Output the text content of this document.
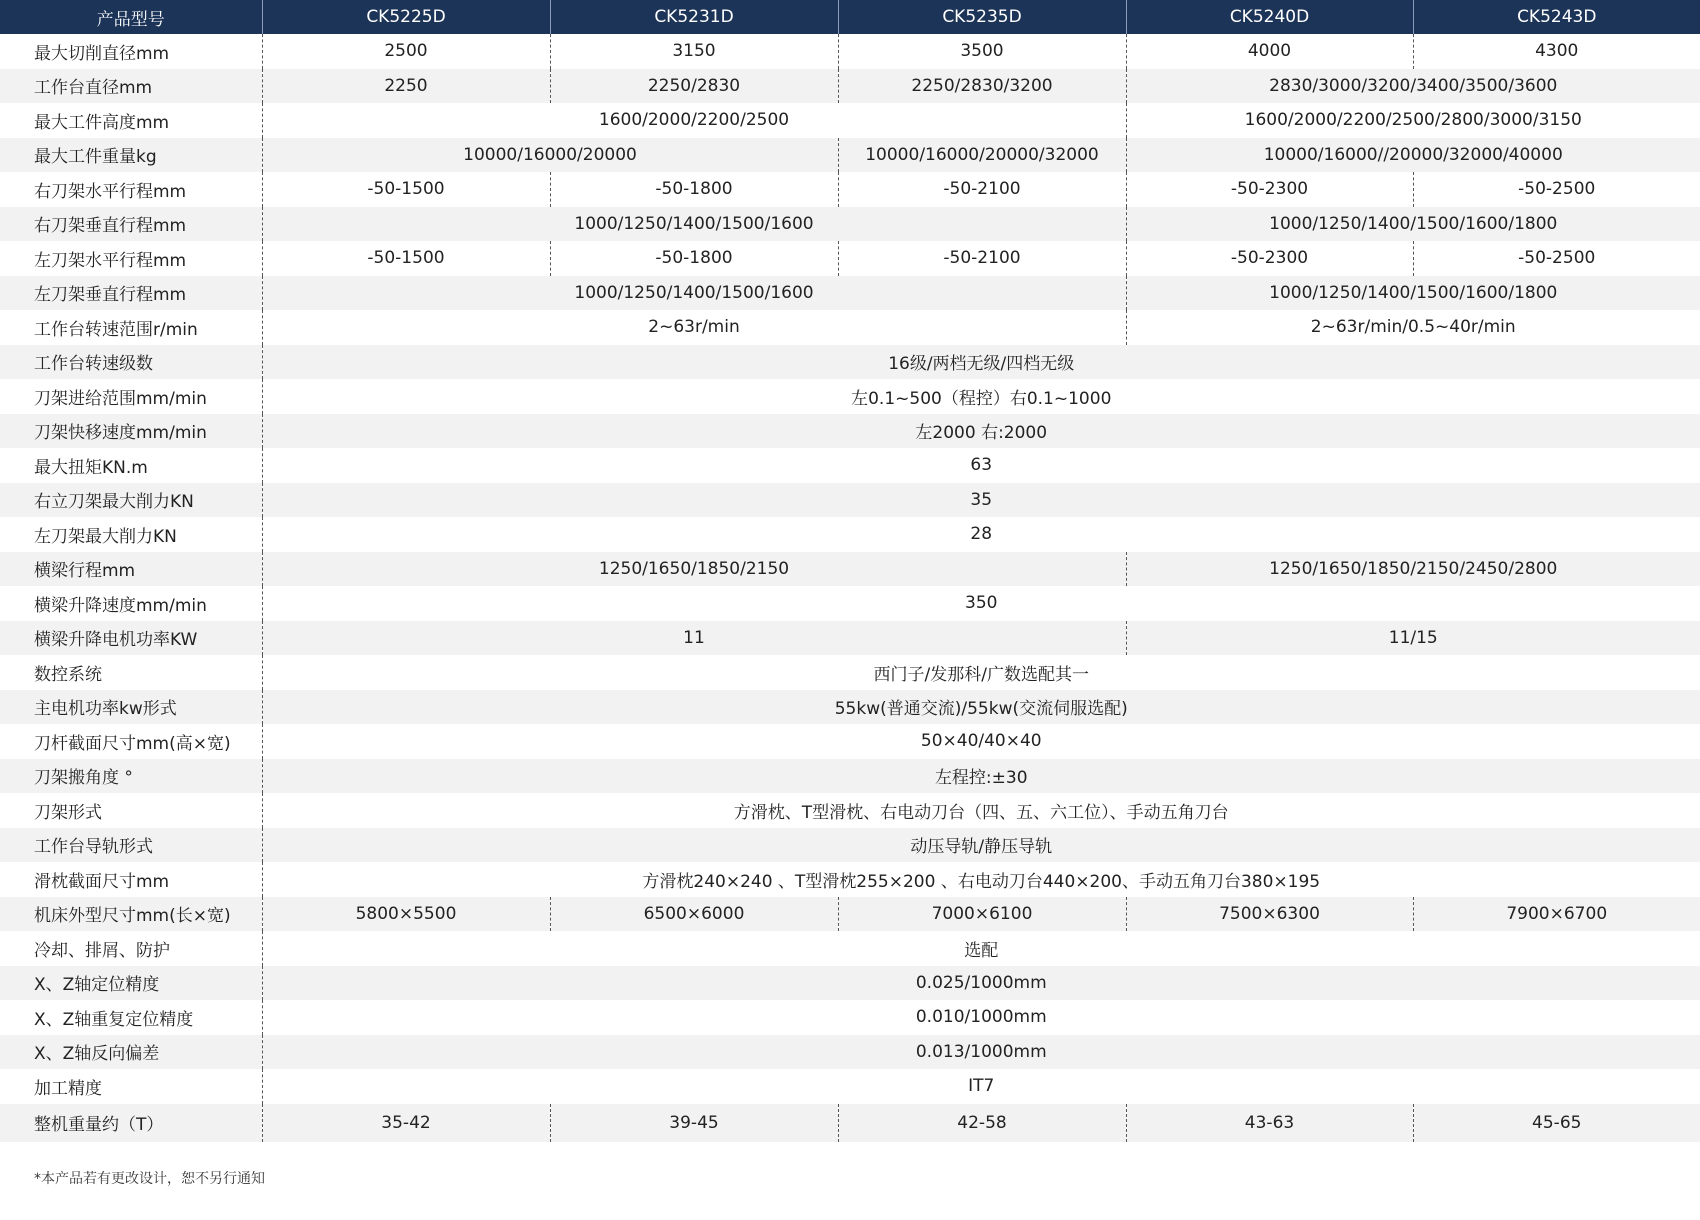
产品型号	CK5225D	CK5231D	CK5235D	CK5240D	CK5243D
最大切削直径mm	2500	3150	3500	4000	4300
工作台直径mm	2250	2250/2830	2250/2830/3200	2830/3000/3200/3400/3500/3600	
最大工件高度mm	1600/2000/2200/2500			1600/2000/2200/2500/2800/3000/3150	
最大工件重量kg	10000/16000/20000		10000/16000/20000/32000	10000/16000//20000/32000/40000	
右刀架水平行程mm	-50-1500	-50-1800	-50-2100	-50-2300	-50-2500
右刀架垂直行程mm	1000/1250/1400/1500/1600			1000/1250/1400/1500/1600/1800	
左刀架水平行程mm	-50-1500	-50-1800	-50-2100	-50-2300	-50-2500
左刀架垂直行程mm	1000/1250/1400/1500/1600			1000/1250/1400/1500/1600/1800	
工作台转速范围r/min	2~63r/min			2~63r/min/0.5~40r/min	
工作台转速级数	16级/两档无级/四档无级				
刀架进给范围mm/min	左0.1~500（程控）右0.1~1000				
刀架快移速度mm/min	左2000 右:2000				
最大扭矩KN.m	63				
右立刀架最大削力KN	35				
左刀架最大削力KN	28				
横梁行程mm	1250/1650/1850/2150			1250/1650/1850/2150/2450/2800	
横梁升降速度mm/min	350				
横梁升降电机功率KW	11			11/15	
数控系统	西门子/发那科/广数选配其一				
主电机功率kw形式	55kw(普通交流)/55kw(交流伺服选配)				
刀杆截面尺寸mm(高×宽)	50×40/40×40				
刀架搬角度 °	左程控:±30				
刀架形式	方滑枕、T型滑枕、右电动刀台（四、五、六工位）、手动五角刀台				
工作台导轨形式	动压导轨/静压导轨				
滑枕截面尺寸mm	方滑枕240×240 、T型滑枕255×200 、右电动刀台440×200、手动五角刀台380×195				
机床外型尺寸mm(长×宽)	5800×5500	6500×6000	7000×6100	7500×6300	7900×6700
冷却、排屑、防护	选配				
X、Z轴定位精度	0.025/1000mm				
X、Z轴重复定位精度	0.010/1000mm				
X、Z轴反向偏差	0.013/1000mm				
加工精度	IT7				
整机重量约（T）	35-42	39-45	42-58	43-63	45-65
*本产品若有更改设计，恕不另行通知
